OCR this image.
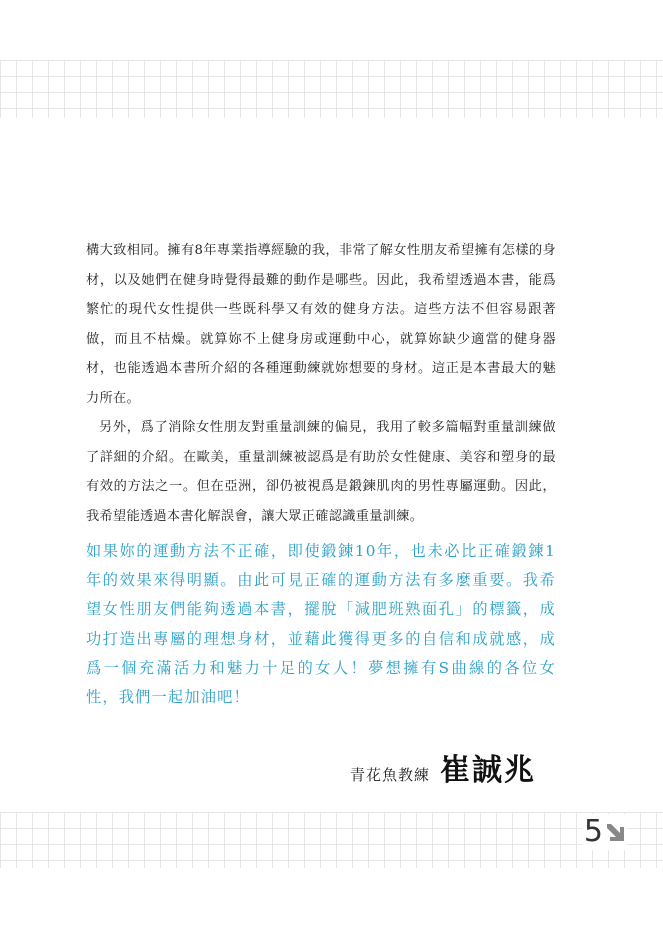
構大致相同。擁有8年專業指導經驗的我，非常了解女性朋友希望擁有怎樣的身材，以及她們在健身時覺得最難的動作是哪些。因此，我希望透過本書，能爲繁忙的現代女性提供一些既科學又有效的健身方法。這些方法不但容易跟著做，而且不枯燥。就算妳不上健身房或運動中心，就算妳缺少適當的健身器材，也能透過本書所介紹的各種運動練就妳想要的身材。這正是本書最大的魅力所在。

另外，爲了消除女性朋友對重量訓練的偏見，我用了較多篇幅對重量訓練做了詳細的介紹。在歐美，重量訓練被認爲是有助於女性健康、美容和塑身的最有效的方法之一。但在亞洲，卻仍被視爲是鍛鍊肌肉的男性專屬運動。因此，我希望能透過本書化解誤會，讓大眾正確認識重量訓練。

如果妳的運動方法不正確，即使鍛鍊10年，也未必比正確鍛鍊1年的效果來得明顯。由此可見正確的運動方法有多麼重要。我希望女性朋友們能夠透過本書，擺脫「減肥班熟面孔」的標籤，成功打造出專屬的理想身材，並藉此獲得更多的自信和成就感，成爲一個充滿活力和魅力十足的女人！夢想擁有S曲線的各位女性，我們一起加油吧！

青花魚教練 崔誠兆
5
